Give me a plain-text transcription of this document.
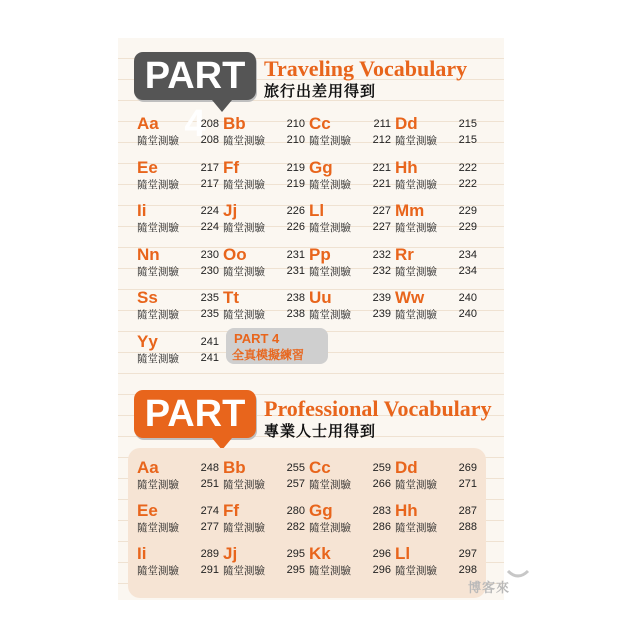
PART 4
Traveling Vocabulary
旅行出差用得到
Aa	208
隨堂測驗 208
Bb	210
隨堂測驗 210
Cc	211
隨堂測驗 212
Dd	215
隨堂測驗 215
Ee	217
隨堂測驗 217
Ff	219
隨堂測驗 219
Gg	221
隨堂測驗 221
Hh	222
隨堂測驗 222
Ii	224
隨堂測驗 224
Jj	226
隨堂測驗 226
Ll	227
隨堂測驗 227
Mm	229
隨堂測驗 229
Nn	230
隨堂測驗 230
Oo	231
隨堂測驗 231
Pp	232
隨堂測驗 232
Rr	234
隨堂測驗 234
Ss	235
隨堂測驗 235
Tt	238
隨堂測驗 238
Uu	239
隨堂測驗 239
Ww	240
隨堂測驗 240
Yy	241
隨堂測驗 241
PART 4
全真模擬練習
PART Professional Vocabulary
專業人士用得到
Aa	248
隨堂測驗 251
Bb	255
隨堂測驗 257
Cc	259
隨堂測驗 266
Dd	269
隨堂測驗 271
Ee	274
隨堂測驗 277
Ff	280
隨堂測驗 282
Gg	283
隨堂測驗 286
Hh	287
隨堂測驗 288
Ii	289
隨堂測驗 291
Jj	295
隨堂測驗 295
Kk	296
隨堂測驗 296
Ll	297
隨堂測驗 298
博客來
